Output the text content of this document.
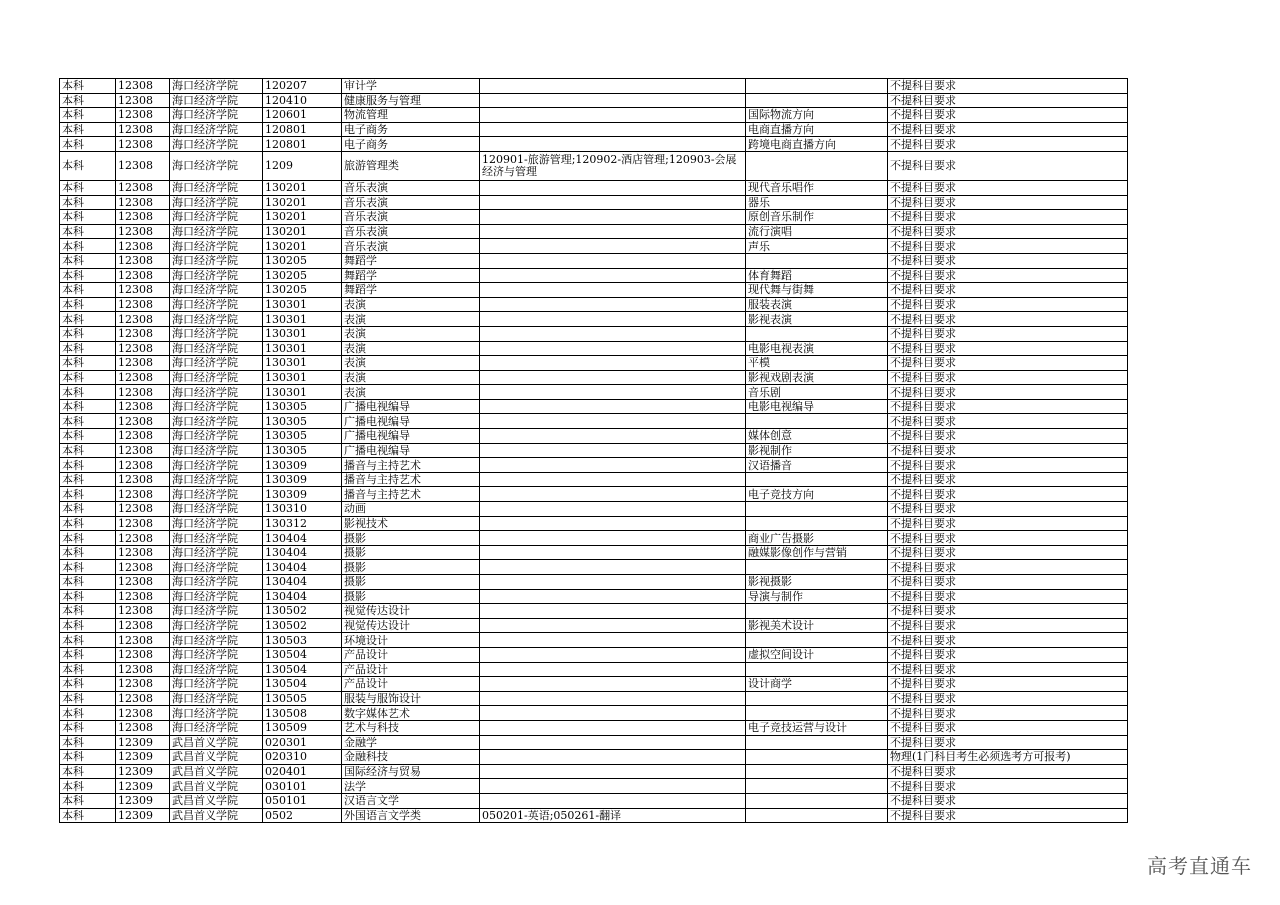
本科	12308	海口经济学院	120207	审计学			不提科目要求
本科	12308	海口经济学院	120410	健康服务与管理			不提科目要求
本科	12308	海口经济学院	120601	物流管理		国际物流方向	不提科目要求
本科	12308	海口经济学院	120801	电子商务		电商直播方向	不提科目要求
本科	12308	海口经济学院	120801	电子商务		跨境电商直播方向	不提科目要求
本科	12308	海口经济学院	1209	旅游管理类	120901-旅游管理;120902-酒店管理;120903-会展经济与管理		不提科目要求
本科	12308	海口经济学院	130201	音乐表演		现代音乐唱作	不提科目要求
本科	12308	海口经济学院	130201	音乐表演		器乐	不提科目要求
本科	12308	海口经济学院	130201	音乐表演		原创音乐制作	不提科目要求
本科	12308	海口经济学院	130201	音乐表演		流行演唱	不提科目要求
本科	12308	海口经济学院	130201	音乐表演		声乐	不提科目要求
本科	12308	海口经济学院	130205	舞蹈学			不提科目要求
本科	12308	海口经济学院	130205	舞蹈学		体育舞蹈	不提科目要求
本科	12308	海口经济学院	130205	舞蹈学		现代舞与街舞	不提科目要求
本科	12308	海口经济学院	130301	表演		服装表演	不提科目要求
本科	12308	海口经济学院	130301	表演		影视表演	不提科目要求
本科	12308	海口经济学院	130301	表演			不提科目要求
本科	12308	海口经济学院	130301	表演		电影电视表演	不提科目要求
本科	12308	海口经济学院	130301	表演		平模	不提科目要求
本科	12308	海口经济学院	130301	表演		影视戏剧表演	不提科目要求
本科	12308	海口经济学院	130301	表演		音乐剧	不提科目要求
本科	12308	海口经济学院	130305	广播电视编导		电影电视编导	不提科目要求
本科	12308	海口经济学院	130305	广播电视编导			不提科目要求
本科	12308	海口经济学院	130305	广播电视编导		媒体创意	不提科目要求
本科	12308	海口经济学院	130305	广播电视编导		影视制作	不提科目要求
本科	12308	海口经济学院	130309	播音与主持艺术		汉语播音	不提科目要求
本科	12308	海口经济学院	130309	播音与主持艺术			不提科目要求
本科	12308	海口经济学院	130309	播音与主持艺术		电子竞技方向	不提科目要求
本科	12308	海口经济学院	130310	动画			不提科目要求
本科	12308	海口经济学院	130312	影视技术			不提科目要求
本科	12308	海口经济学院	130404	摄影		商业广告摄影	不提科目要求
本科	12308	海口经济学院	130404	摄影		融媒影像创作与营销	不提科目要求
本科	12308	海口经济学院	130404	摄影			不提科目要求
本科	12308	海口经济学院	130404	摄影		影视摄影	不提科目要求
本科	12308	海口经济学院	130404	摄影		导演与制作	不提科目要求
本科	12308	海口经济学院	130502	视觉传达设计			不提科目要求
本科	12308	海口经济学院	130502	视觉传达设计		影视美术设计	不提科目要求
本科	12308	海口经济学院	130503	环境设计			不提科目要求
本科	12308	海口经济学院	130504	产品设计		虚拟空间设计	不提科目要求
本科	12308	海口经济学院	130504	产品设计			不提科目要求
本科	12308	海口经济学院	130504	产品设计		设计商学	不提科目要求
本科	12308	海口经济学院	130505	服装与服饰设计			不提科目要求
本科	12308	海口经济学院	130508	数字媒体艺术			不提科目要求
本科	12308	海口经济学院	130509	艺术与科技		电子竞技运营与设计	不提科目要求
本科	12309	武昌首义学院	020301	金融学			不提科目要求
本科	12309	武昌首义学院	020310	金融科技			物理(1门科目考生必须选考方可报考)
本科	12309	武昌首义学院	020401	国际经济与贸易			不提科目要求
本科	12309	武昌首义学院	030101	法学			不提科目要求
本科	12309	武昌首义学院	050101	汉语言文学			不提科目要求
本科	12309	武昌首义学院	0502	外国语言文学类	050201-英语;050261-翻译		不提科目要求
高考直通车
